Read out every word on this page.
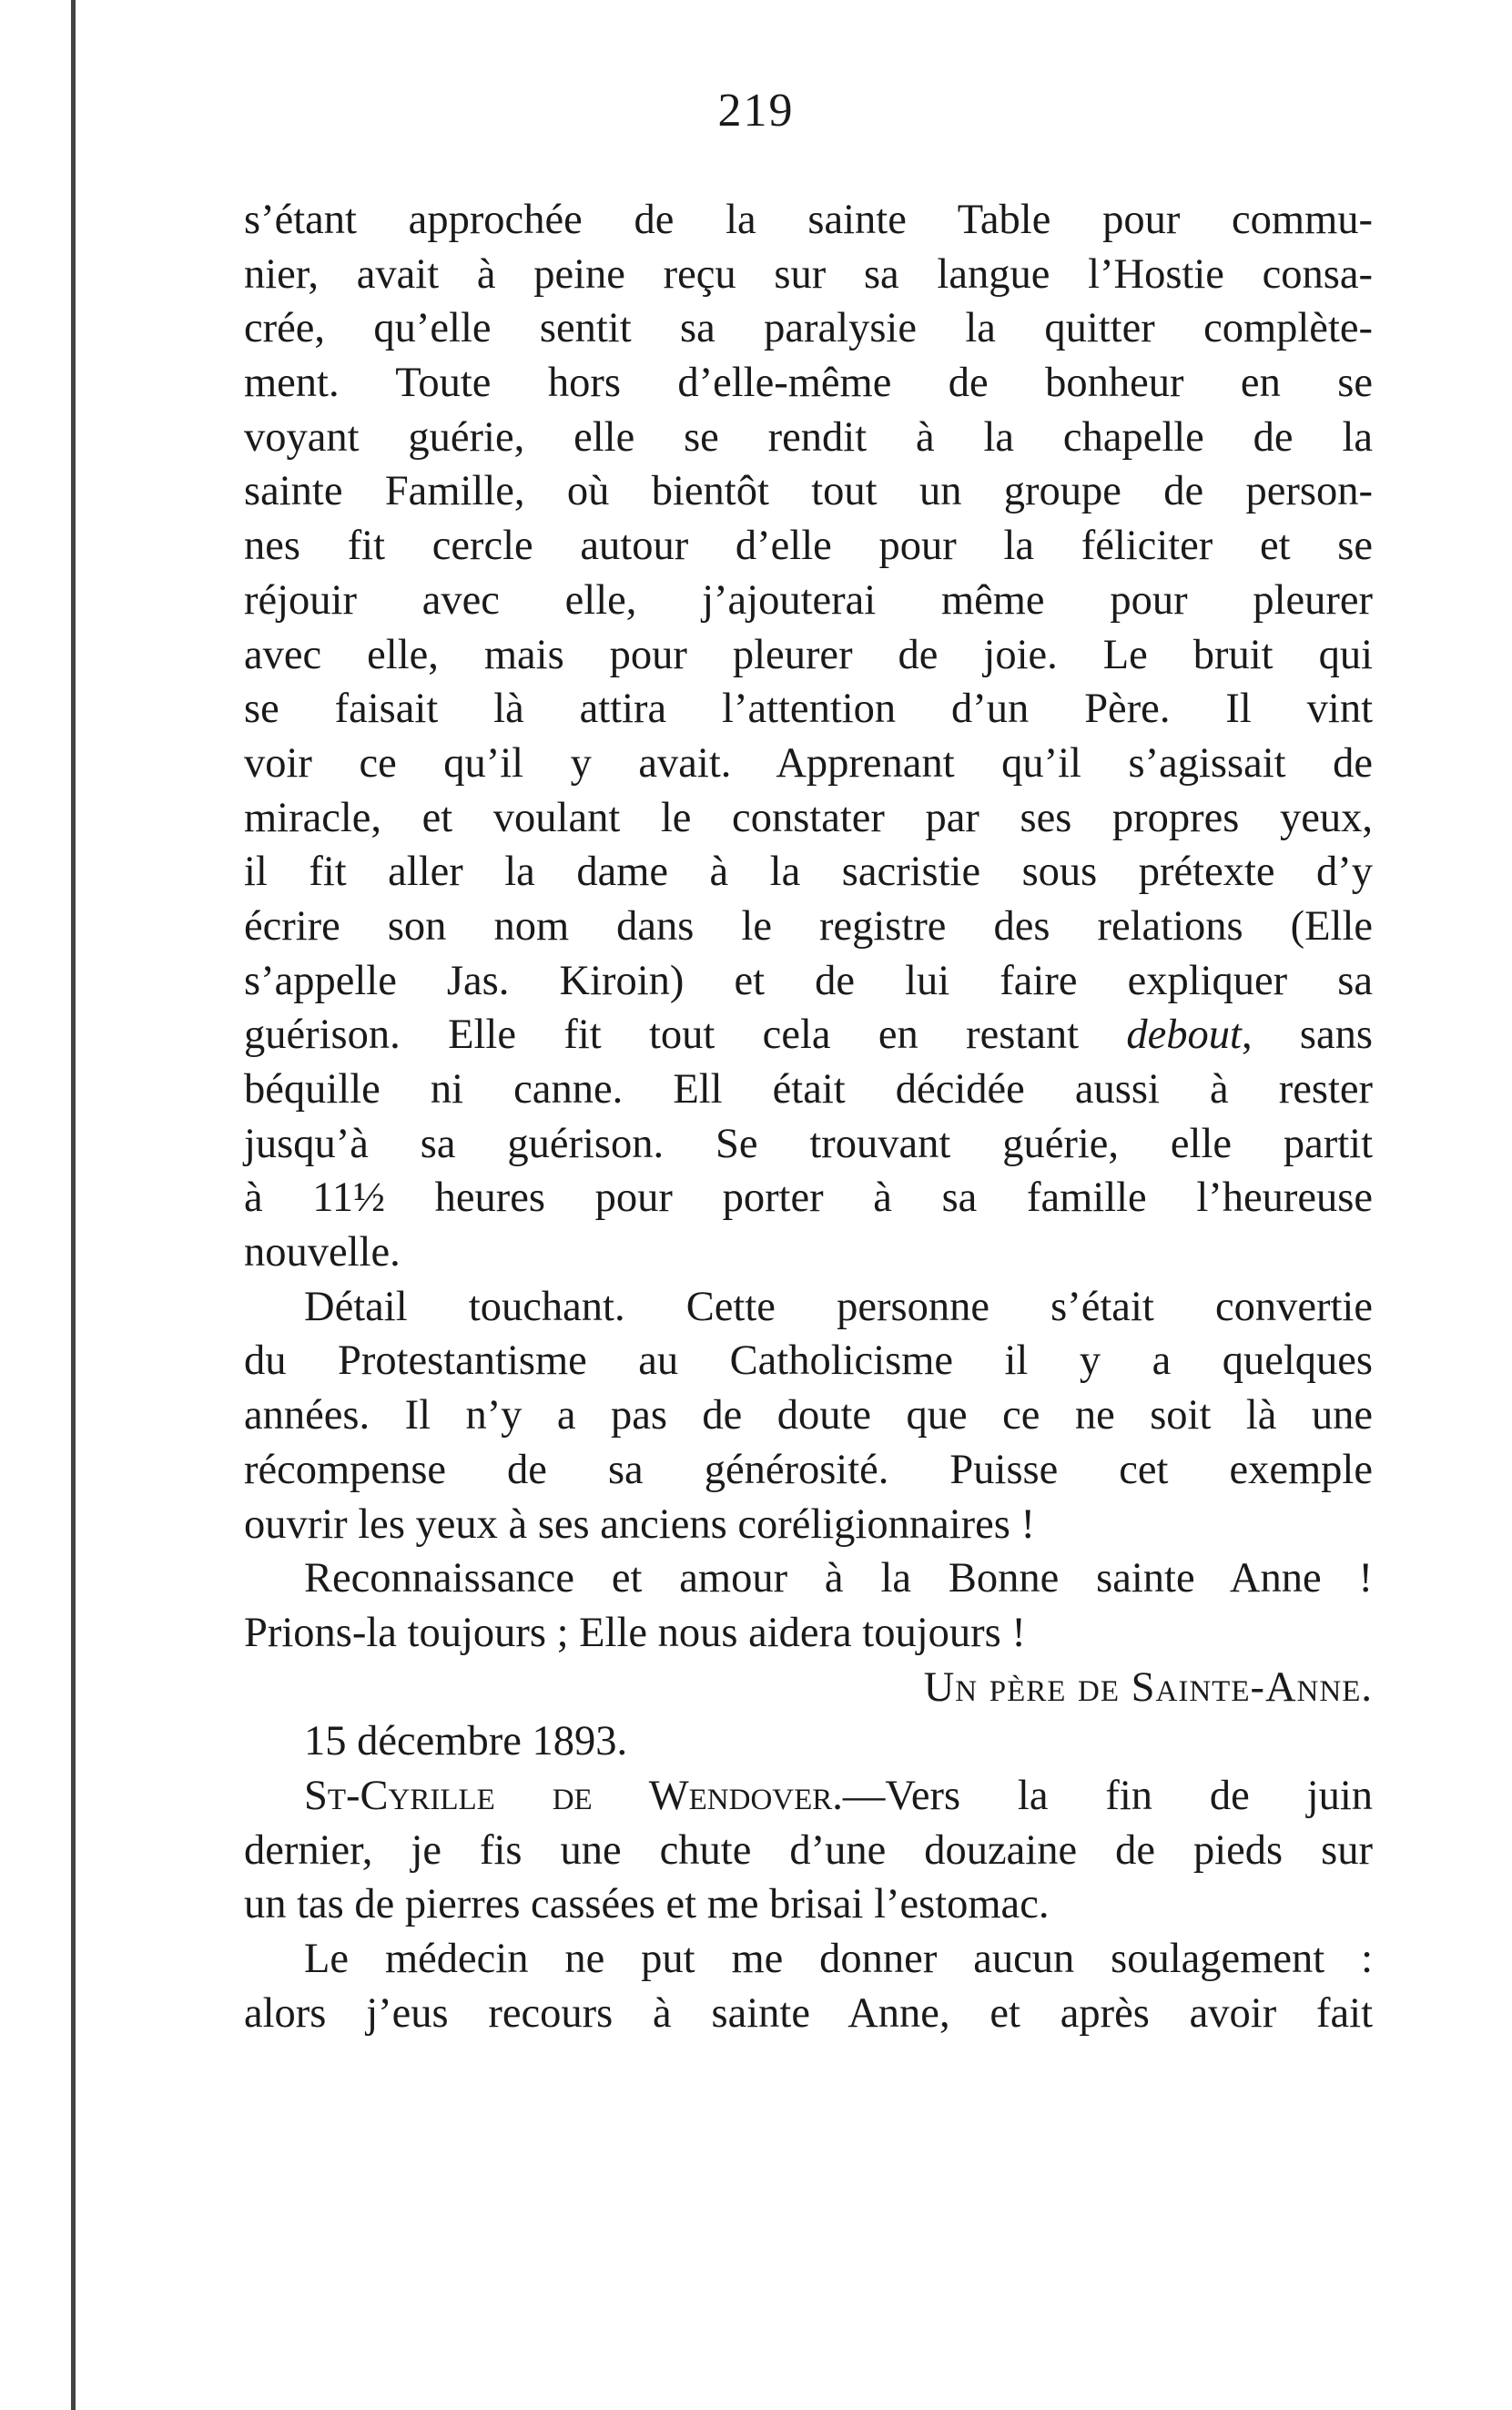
219
s’étant approchée de la sainte Table pour commu-
nier, avait à peine reçu sur sa langue l’Hostie consa-
crée, qu’elle sentit sa paralysie la quitter complète-
ment. Toute hors d’elle-même de bonheur en se
voyant guérie, elle se rendit à la chapelle de la
sainte Famille, où bientôt tout un groupe de person-
nes fit cercle autour d’elle pour la féliciter et se
réjouir avec elle, j’ajouterai même pour pleurer
avec elle, mais pour pleurer de joie. Le bruit qui
se faisait là attira l’attention d’un Père. Il vint
voir ce qu’il y avait. Apprenant qu’il s’agissait de
miracle, et voulant le constater par ses propres yeux,
il fit aller la dame à la sacristie sous prétexte d’y
écrire son nom dans le registre des relations (Elle
s’appelle Jas. Kiroin) et de lui faire expliquer sa
guérison. Elle fit tout cela en restant debout, sans
béquille ni canne. Ell était décidée aussi à rester
jusqu’à sa guérison. Se trouvant guérie, elle partit
à 11½ heures pour porter à sa famille l’heureuse
nouvelle.
Détail touchant. Cette personne s’était convertie
du Protestantisme au Catholicisme il y a quelques
années. Il n’y a pas de doute que ce ne soit là une
récompense de sa générosité. Puisse cet exemple
ouvrir les yeux à ses anciens coréligionnaires !
Reconnaissance et amour à la Bonne sainte Anne !
Prions-la toujours ; Elle nous aidera toujours !
Un père de Sainte-Anne.
15 décembre 1893.
St-Cyrille de Wendover.—Vers la fin de juin
dernier, je fis une chute d’une douzaine de pieds sur
un tas de pierres cassées et me brisai l’estomac.
Le médecin ne put me donner aucun soulagement :
alors j’eus recours à sainte Anne, et après avoir fait
